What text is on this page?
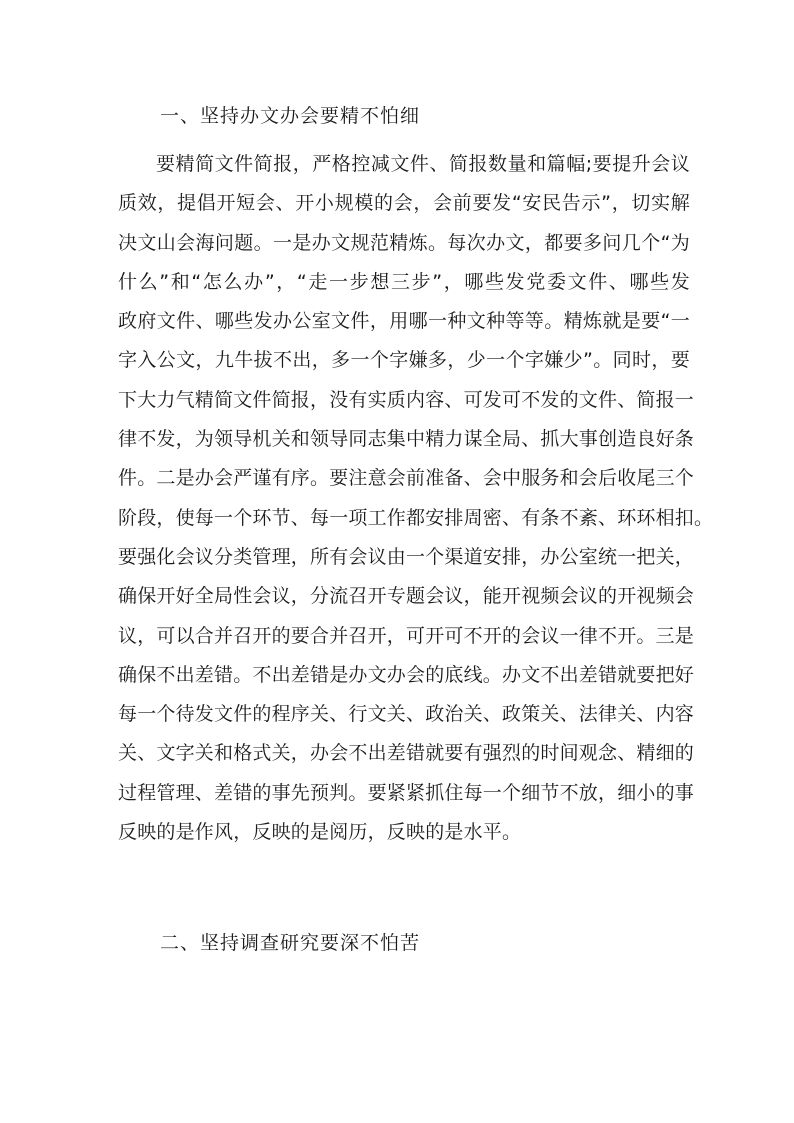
一、坚持办文办会要精不怕细
要精简文件简报，严格控减文件、简报数量和篇幅;要提升会议
质效，提倡开短会、开小规模的会，会前要发“安民告示”，切实解
决文山会海问题。一是办文规范精炼。每次办文，都要多问几个“为
什么”和“怎么办”，“走一步想三步”，哪些发党委文件、哪些发
政府文件、哪些发办公室文件，用哪一种文种等等。精炼就是要“一
字入公文，九牛拔不出，多一个字嫌多，少一个字嫌少”。同时，要
下大力气精简文件简报，没有实质内容、可发可不发的文件、简报一
律不发，为领导机关和领导同志集中精力谋全局、抓大事创造良好条
件。二是办会严谨有序。要注意会前准备、会中服务和会后收尾三个
阶段，使每一个环节、每一项工作都安排周密、有条不紊、环环相扣。
要强化会议分类管理，所有会议由一个渠道安排，办公室统一把关，
确保开好全局性会议，分流召开专题会议，能开视频会议的开视频会
议，可以合并召开的要合并召开，可开可不开的会议一律不开。三是
确保不出差错。不出差错是办文办会的底线。办文不出差错就要把好
每一个待发文件的程序关、行文关、政治关、政策关、法律关、内容
关、文字关和格式关，办会不出差错就要有强烈的时间观念、精细的
过程管理、差错的事先预判。要紧紧抓住每一个细节不放，细小的事
反映的是作风，反映的是阅历，反映的是水平。
二、坚持调查研究要深不怕苦
